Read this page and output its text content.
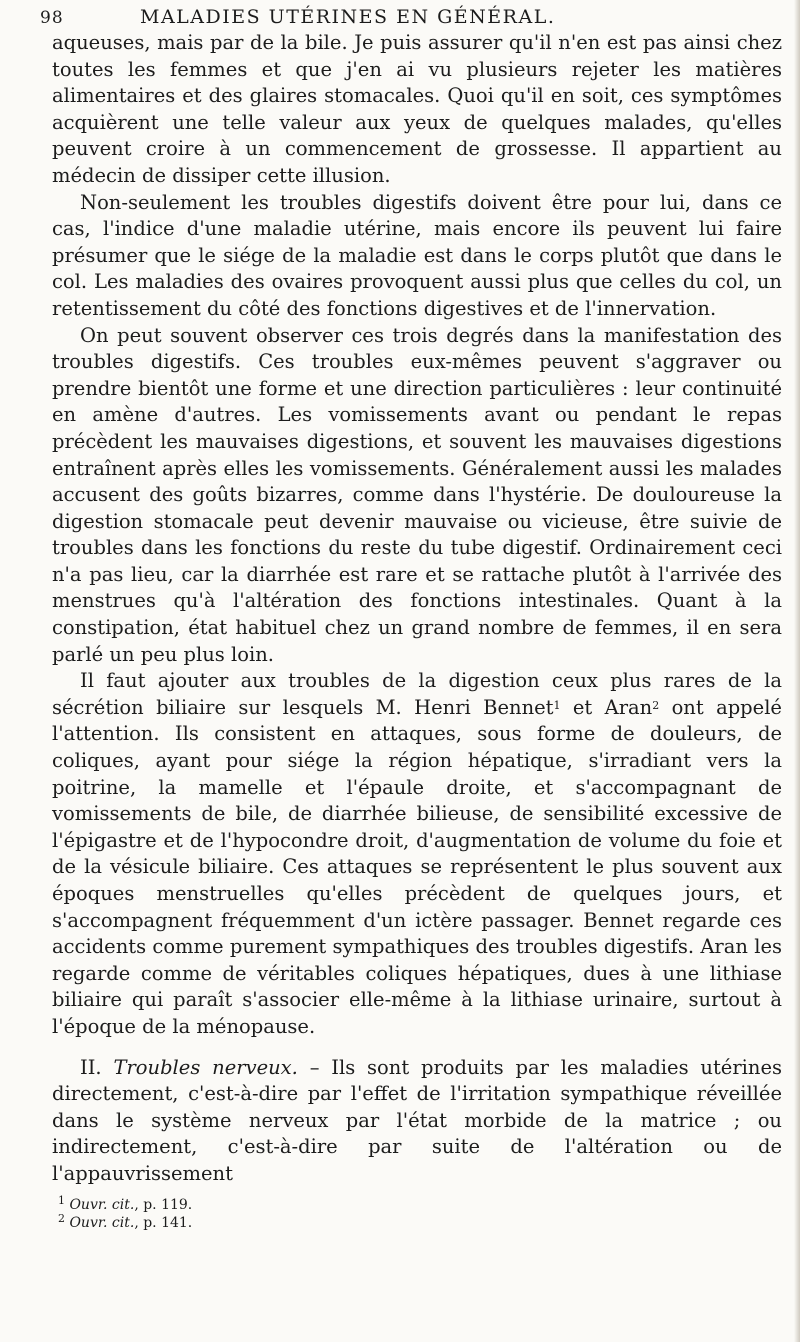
98	MALADIES UTÉRINES EN GÉNÉRAL.

aqueuses, mais par de la bile. Je puis assurer qu'il n'en est pas ainsi chez toutes les femmes et que j'en ai vu plusieurs rejeter les matières alimentaires et des glaires stomacales. Quoi qu'il en soit, ces symptômes acquièrent une telle valeur aux yeux de quelques malades, qu'elles peuvent croire à un commencement de grossesse. Il appartient au médecin de dissiper cette illusion.

Non-seulement les troubles digestifs doivent être pour lui, dans ce cas, l'indice d'une maladie utérine, mais encore ils peuvent lui faire présumer que le siége de la maladie est dans le corps plutôt que dans le col. Les maladies des ovaires provoquent aussi plus que celles du col, un retentissement du côté des fonctions digestives et de l'innervation.

On peut souvent observer ces trois degrés dans la manifestation des troubles digestifs. Ces troubles eux-mêmes peuvent s'aggraver ou prendre bientôt une forme et une direction particulières : leur continuité en amène d'autres. Les vomissements avant ou pendant le repas précèdent les mauvaises digestions, et souvent les mauvaises digestions entraînent après elles les vomissements. Généralement aussi les malades accusent des goûts bizarres, comme dans l'hystérie. De douloureuse la digestion stomacale peut devenir mauvaise ou vicieuse, être suivie de troubles dans les fonctions du reste du tube digestif. Ordinairement ceci n'a pas lieu, car la diarrhée est rare et se rattache plutôt à l'arrivée des menstrues qu'à l'altération des fonctions intestinales. Quant à la constipation, état habituel chez un grand nombre de femmes, il en sera parlé un peu plus loin.

Il faut ajouter aux troubles de la digestion ceux plus rares de la sécrétion biliaire sur lesquels M. Henri Bennet$^1$ et Aran$^2$ ont appelé l'attention. Ils consistent en attaques, sous forme de douleurs, de coliques, ayant pour siége la région hépatique, s'irradiant vers la poitrine, la mamelle et l'épaule droite, et s'accompagnant de vomissements de bile, de diarrhée bilieuse, de sensibilité excessive de l'épigastre et de l'hypocondre droit, d'augmentation de volume du foie et de la vésicule biliaire. Ces attaques se représentent le plus souvent aux époques menstruelles qu'elles précèdent de quelques jours, et s'accompagnent fréquemment d'un ictère passager. Bennet regarde ces accidents comme purement sympathiques des troubles digestifs. Aran les regarde comme de véritables coliques hépatiques, dues à une lithiase biliaire qui paraît s'associer elle-même à la lithiase urinaire, surtout à l'époque de la ménopause.

II. Troubles nerveux. – Ils sont produits par les maladies utérines directement, c'est-à-dire par l'effet de l'irritation sympathique réveillée dans le système nerveux par l'état morbide de la matrice ; ou indirectement, c'est-à-dire par suite de l'altération ou de l'appauvrissement

$^1$ Ouvr. cit., p. 119.
$^2$ Ouvr. cit., p. 141.
